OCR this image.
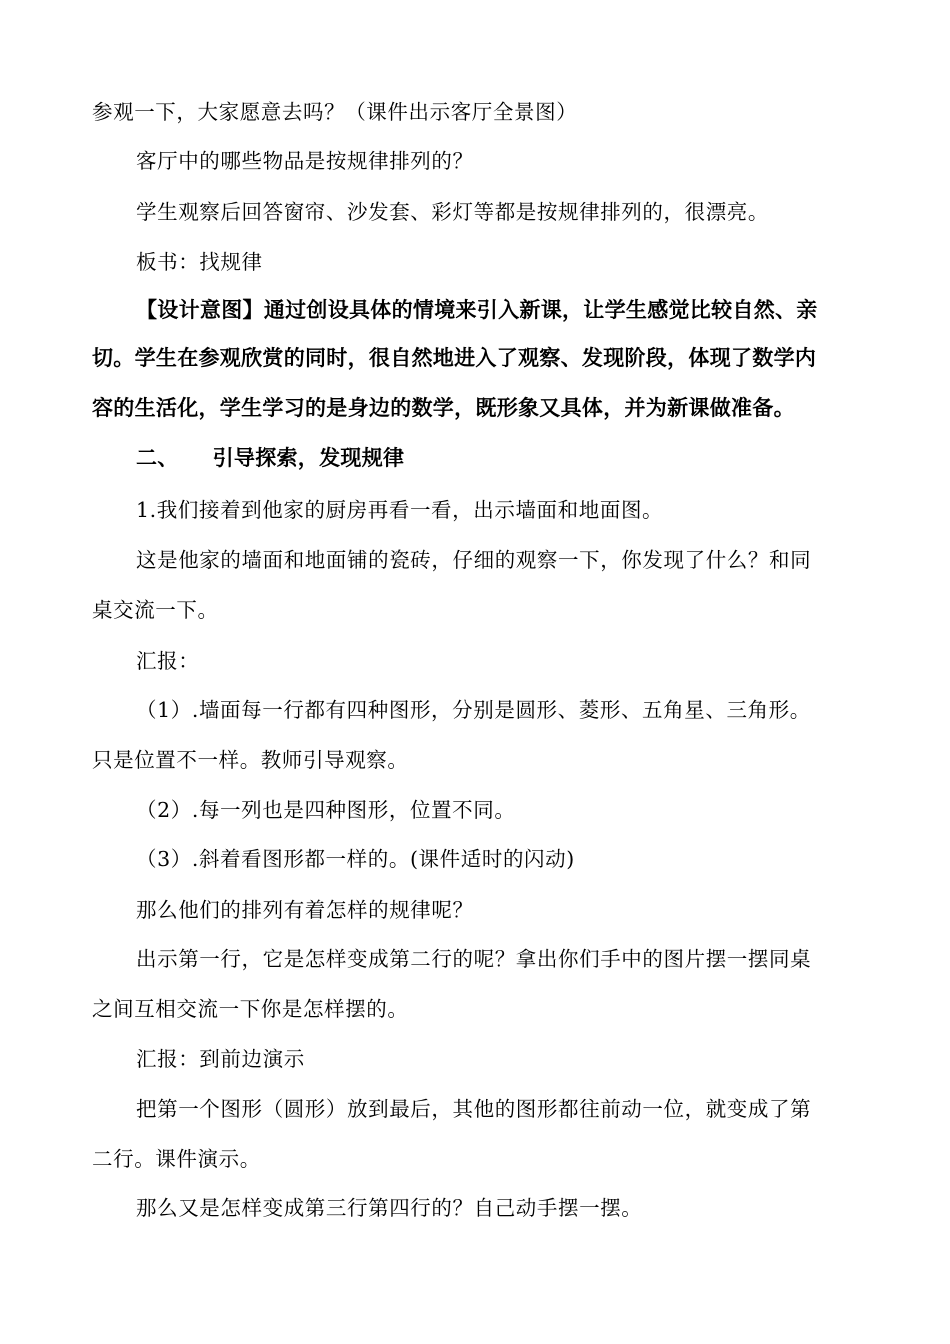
参观一下，大家愿意去吗？（课件出示客厅全景图）
客厅中的哪些物品是按规律排列的？
学生观察后回答窗帘、沙发套、彩灯等都是按规律排列的，很漂亮。
板书：找规律
【设计意图】通过创设具体的情境来引入新课，让学生感觉比较自然、亲
切。学生在参观欣赏的同时，很自然地进入了观察、发现阶段，体现了数学内
容的生活化，学生学习的是身边的数学，既形象又具体，并为新课做准备。
二、 引导探索，发现规律
1.我们接着到他家的厨房再看一看，出示墙面和地面图。
这是他家的墙面和地面铺的瓷砖，仔细的观察一下，你发现了什么？和同
桌交流一下。
汇报：
（1）.墙面每一行都有四种图形，分别是圆形、菱形、五角星、三角形。
只是位置不一样。教师引导观察。
（2）.每一列也是四种图形，位置不同。
（3）.斜着看图形都一样的。(课件适时的闪动)
那么他们的排列有着怎样的规律呢？
出示第一行，它是怎样变成第二行的呢？拿出你们手中的图片摆一摆同桌
之间互相交流一下你是怎样摆的。
汇报：到前边演示
把第一个图形（圆形）放到最后，其他的图形都往前动一位，就变成了第
二行。课件演示。
那么又是怎样变成第三行第四行的？自己动手摆一摆。
